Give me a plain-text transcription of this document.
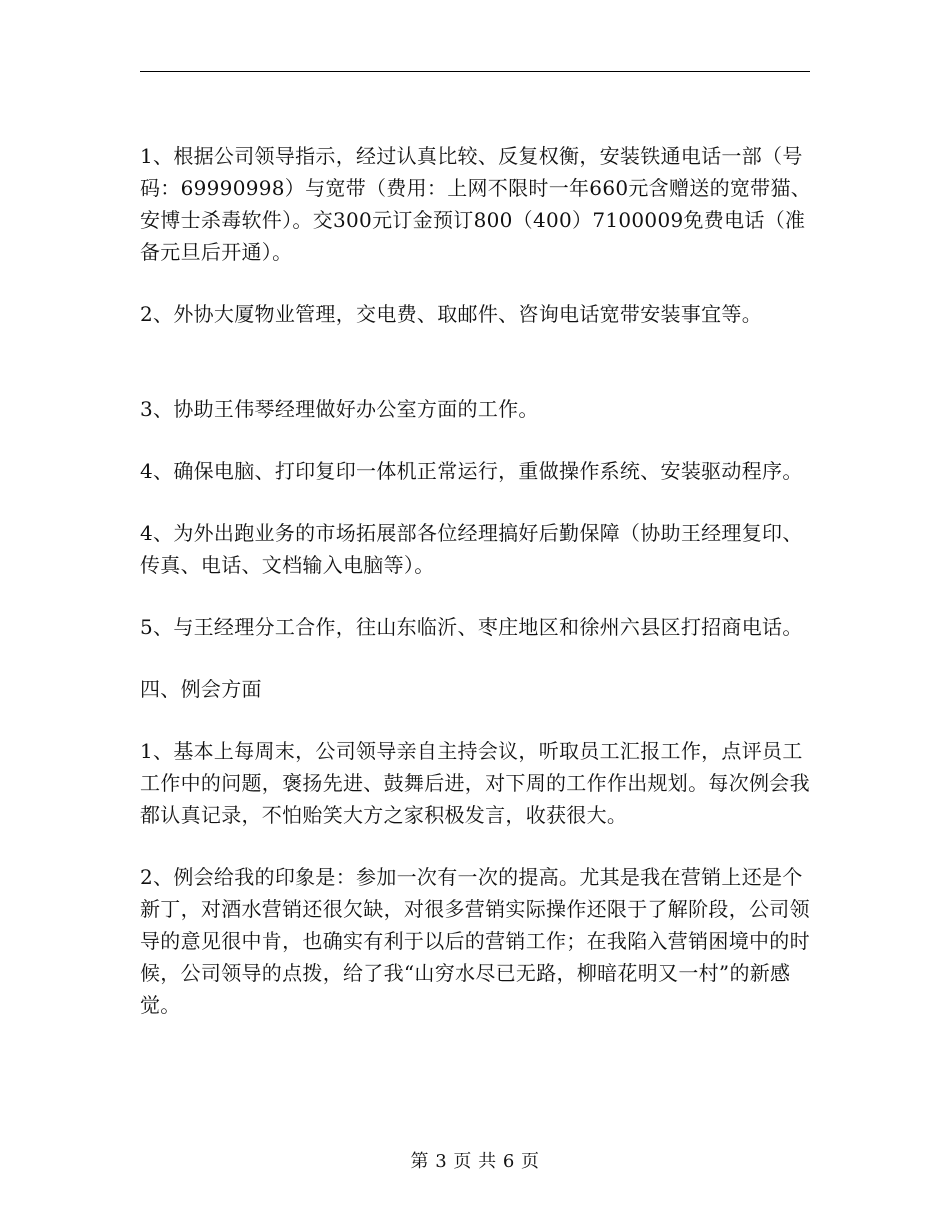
1、根据公司领导指示，经过认真比较、反复权衡，安装铁通电话一部（号码：69990998）与宽带（费用：上网不限时一年660元含赠送的宽带猫、安博士杀毒软件）。交300元订金预订800（400）7100009免费电话（准备元旦后开通）。

2、外协大厦物业管理，交电费、取邮件、咨询电话宽带安装事宜等。

3、协助王伟琴经理做好办公室方面的工作。

4、确保电脑、打印复印一体机正常运行，重做操作系统、安装驱动程序。

4、为外出跑业务的市场拓展部各位经理搞好后勤保障（协助王经理复印、传真、电话、文档输入电脑等）。

5、与王经理分工合作，往山东临沂、枣庄地区和徐州六县区打招商电话。

四、例会方面

1、基本上每周末，公司领导亲自主持会议，听取员工汇报工作，点评员工工作中的问题，褒扬先进、鼓舞后进，对下周的工作作出规划。每次例会我都认真记录，不怕贻笑大方之家积极发言，收获很大。

2、例会给我的印象是：参加一次有一次的提高。尤其是我在营销上还是个新丁，对酒水营销还很欠缺，对很多营销实际操作还限于了解阶段，公司领导的意见很中肯，也确实有利于以后的营销工作；在我陷入营销困境中的时候，公司领导的点拨，给了我“山穷水尽已无路，柳暗花明又一村”的新感觉。

第 3 页 共 6 页
